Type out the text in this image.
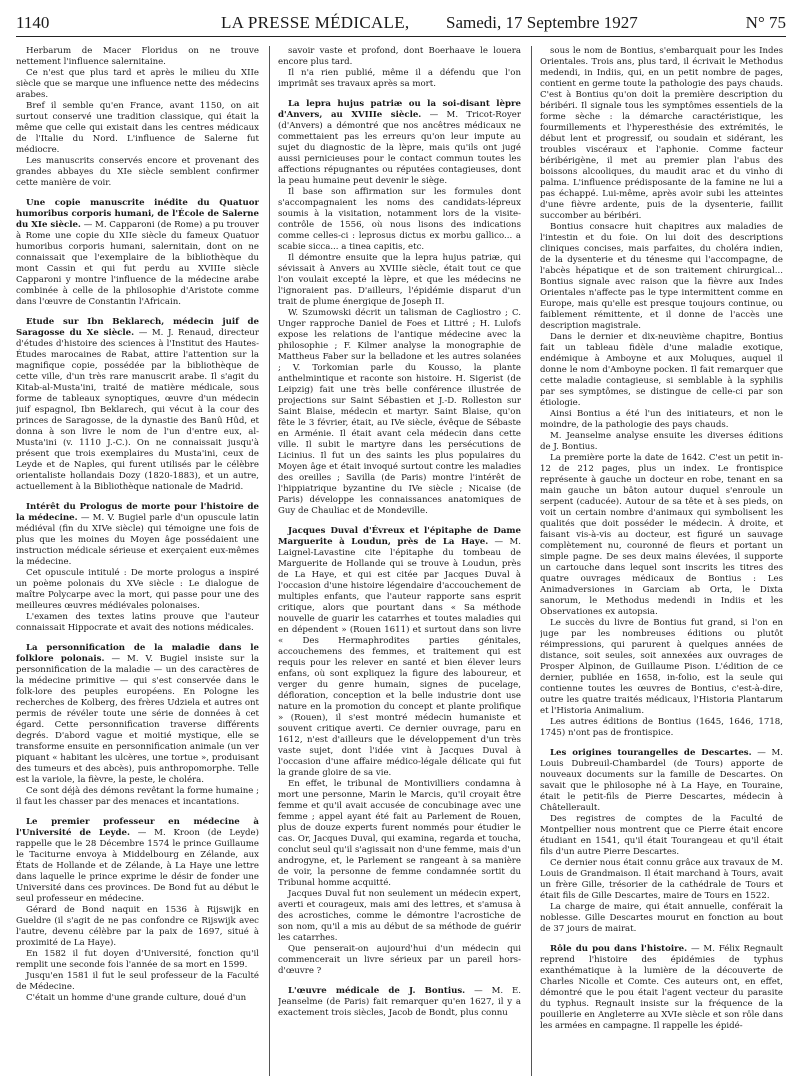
1140	LA PRESSE MÉDICALE, Samedi, 17 Septembre 1927	N° 75

Herbarum de Macer Floridus on ne trouve nettement l'influence salernitaine.

Ce n'est que plus tard et après le milieu du XIIe siècle que se marque une influence nette des médecins arabes.

Bref il semble qu'en France, avant 1150, on ait surtout conservé une tradition classique, qui était la même que celle qui existait dans les centres médicaux de l'Italie du Nord. L'influence de Salerne fut médiocre.

Les manuscrits conservés encore et provenant des grandes abbayes du XIe siècle semblent confirmer cette manière de voir.

Une copie manuscrite inédite du Quatuor humoribus corporis humani, de l'École de Salerne du XIe siècle. — M. Capparoni (de Rome) a pu trouver à Rome une copie du XIIe siècle du fameux Quatuor humoribus corporis humani, salernitain, dont on ne connaissait que l'exemplaire de la bibliothèque du mont Cassin et qui fut perdu au XVIIIe siècle Capparoni y montre l'influence de la médecine arabe combinée à celle de la philosophie d'Aristote comme dans l'œuvre de Constantin l'Africain.

Etude sur Ibn Beklarech, médecin juif de Saragosse du Xe siècle. — M. J. Renaud, directeur d'études d'histoire des sciences à l'Institut des Hautes-Études marocaines de Rabat, attire l'attention sur la magnifique copie, possédée par la bibliothèque de cette ville, d'un très rare manuscrit arabe. Il s'agit du Kitab-al-Musta'ini, traité de matière médicale, sous forme de tableaux synoptiques, œuvre d'un médecin juif espagnol, Ibn Beklarech, qui vécut à la cour des princes de Saragosse, de la dynastie des Banû Hûd, et donna à son livre le nom de l'un d'entre eux, al-Musta'ini (v. 1110 J.-C.). On ne connaissait jusqu'à présent que trois exemplaires du Musta'ini, ceux de Leyde et de Naples, qui furent utilisés par le célèbre orientaliste hollandais Dozy (1820-1883), et un autre, actuellement à la Bibliothèque nationale de Madrid.

Intérêt du Prologus de morte pour l'histoire de la médecine. — M. V. Bugiel parle d'un opuscule latin médiéval (fin du XIVe siècle) qui témoigne une fois de plus que les moines du Moyen âge possédaient une instruction médicale sérieuse et exerçaient eux-mêmes la médecine.

Cet opuscule intitulé : De morte prologus a inspiré un poème polonais du XVe siècle : Le dialogue de maître Polycarpe avec la mort, qui passe pour une des meilleures œuvres médiévales polonaises.

L'examen des textes latins prouve que l'auteur connaissait Hippocrate et avait des notions médicales.

La personnification de la maladie dans le folklore polonais. — M. V. Bugiel insiste sur la personnification de la maladie — un des caractères de la médecine primitive — qui s'est conservée dans le folk-lore des peuples européens. En Pologne les recherches de Kolberg, des frères Udziela et autres ont permis de révéler toute une série de données à cet égard. Cette personnification traverse différents degrés. D'abord vague et moitié mystique, elle se transforme ensuite en personnification animale (un ver piquant « habitant les ulcères, une tortue », produisant des tumeurs et des abcès), puis anthropomorphe. Telle est la variole, la fièvre, la peste, le choléra.

Ce sont déjà des démons revêtant la forme humaine ; il faut les chasser par des menaces et incantations.

Le premier professeur en médecine à l'Université de Leyde. — M. Kroon (de Leyde) rappelle que le 28 Décembre 1574 le prince Guillaume le Taciturne envoya à Middelbourg en Zélande, aux États de Hollande et de Zélande, à La Haye une lettre dans laquelle le prince exprime le désir de fonder une Université dans ces provinces. De Bond fut au début le seul professeur en médecine.

Gérard de Bond naquit en 1536 à Rijswijk en Gueldre (il s'agit de ne pas confondre ce Rijswijk avec l'autre, devenu célèbre par la paix de 1697, situé à proximité de La Haye).

En 1582 il fut doyen d'Université, fonction qu'il remplit une seconde fois l'année de sa mort en 1599.

Jusqu'en 1581 il fut le seul professeur de la Faculté de Médecine.

C'était un homme d'une grande culture, doué d'un

savoir vaste et profond, dont Boerhaave le louera encore plus tard.

Il n'a rien publié, même il a défendu que l'on imprimât ses travaux après sa mort.

La lepra hujus patriæ ou la soi-disant lèpre d'Anvers, au XVIIIe siècle. — M. Tricot-Royer (d'Anvers) a démontré que nos ancêtres médicaux ne commettaient pas les erreurs qu'on leur impute au sujet du diagnostic de la lèpre, mais qu'ils ont jugé aussi pernicieuses pour le contact commun toutes les affections répugnantes ou réputées contagieuses, dont la peau humaine peut devenir le siège.

Il base son affirmation sur les formules dont s'accompagnaient les noms des candidats-lépreux soumis à la visitation, notamment lors de la visite-contrôle de 1556, où nous lisons des indications comme celles-ci : leprosus dictus ex morbu gallico... a scabie sicca... a tinea capitis, etc.

Il démontre ensuite que la lepra hujus patriæ, qui sévissait à Anvers au XVIIIe siècle, était tout ce que l'on voulait excepté la lèpre, et que les médecins ne l'ignoraient pas. D'ailleurs, l'épidémie disparut d'un trait de plume énergique de Joseph II.

W. Szumowski décrit un talisman de Cagliostro ; C. Unger rapproche Daniel de Foes et Littré ; H. Lulofs expose les relations de l'antique médecine avec la philosophie ; F. Kilmer analyse la monographie de Mattheus Faber sur la belladone et les autres solanées ; V. Torkomian parle du Kousso, la plante anthelmintique et raconte son histoire. H. Sigerist (de Leipzig) fait une très belle conférence illustrée de projections sur Saint Sébastien et J.-D. Rolleston sur Saint Blaise, médecin et martyr. Saint Blaise, qu'on fête le 3 février, était, au IVe siècle, évêque de Sébaste en Arménie. Il était avant cela médecin dans cette ville. Il subit le martyre dans les persécutions de Licinius. Il fut un des saints les plus populaires du Moyen âge et était invoqué surtout contre les maladies des oreilles ; Savilla (de Paris) montre l'intérêt de l'hippiatrique byzantine du IVe siècle ; Nicaise (de Paris) développe les connaissances anatomiques de Guy de Chauliac et de Mondeville.

Jacques Duval d'Évreux et l'épitaphe de Dame Marguerite à Loudun, près de La Haye. — M. Laignel-Lavastine cite l'épitaphe du tombeau de Marguerite de Hollande qui se trouve à Loudun, près de La Haye, et qui est citée par Jacques Duval à l'occasion d'une histoire légendaire d'accouchement de multiples enfants, que l'auteur rapporte sans esprit critique, alors que pourtant dans « Sa méthode nouvelle de guarir les catarrhes et toutes maladies qui en dépendent » (Rouen 1611) et surtout dans son livre « Des Hermaphrodites parties génitales, accouchemens des femmes, et traitement qui est requis pour les relever en santé et bien élever leurs enfans, où sont expliquez la figure des laboureur, et verger du genre humain, signes de pucelage, défloration, conception et la belle industrie dont use nature en la promotion du concept et plante prolifique » (Rouen), il s'est montré médecin humaniste et souvent critique averti. Ce dernier ouvrage, paru en 1612, n'est d'ailleurs que le développement d'un très vaste sujet, dont l'idée vint à Jacques Duval à l'occasion d'une affaire médico-légale délicate qui fut la grande gloire de sa vie.

En effet, le tribunal de Montivilliers condamna à mort une personne, Marin le Marcis, qu'il croyait être femme et qu'il avait accusée de concubinage avec une femme ; appel ayant été fait au Parlement de Rouen, plus de douze experts furent nommés pour étudier le cas. Or, Jacques Duval, qui examina, regarda et toucha, conclut seul qu'il s'agissait non d'une femme, mais d'un androgyne, et, le Parlement se rangeant à sa manière de voir, la personne de femme condamnée sortit du Tribunal homme acquitté.

Jacques Duval fut non seulement un médecin expert, averti et courageux, mais ami des lettres, et s'amusa à des acrostiches, comme le démontre l'acrostiche de son nom, qu'il a mis au début de sa méthode de guérir les catarrhes.

Que penserait-on aujourd'hui d'un médecin qui commencerait un livre sérieux par un pareil hors-d'œuvre ?

L'œuvre médicale de J. Bontius. — M. E. Jeanselme (de Paris) fait remarquer qu'en 1627, il y a exactement trois siècles, Jacob de Bondt, plus connu

sous le nom de Bontius, s'embarquait pour les Indes Orientales. Trois ans, plus tard, il écrivait le Methodus medendi, in Indiis, qui, en un petit nombre de pages, contient en germe toute la pathologie des pays chauds. C'est à Bontius qu'on doit la première description du béribéri. Il signale tous les symptômes essentiels de la forme sèche : la démarche caractéristique, les fourmillements et l'hyperesthésie des extrémités, le début lent et progressif, ou soudain et sidérant, les troubles viscéraux et l'aphonie. Comme facteur béribérigène, il met au premier plan l'abus des boissons alcooliques, du maudit arac et du vinho di palma. L'influence prédisposante de la famine ne lui a pas échappé. Lui-même, après avoir subi les atteintes d'une fièvre ardente, puis de la dysenterie, faillit succomber au béribéri.

Bontius consacre huit chapitres aux maladies de l'intestin et du foie. On lui doit des descriptions cliniques concises, mais parfaites, du choléra indien, de la dysenterie et du ténesme qui l'accompagne, de l'abcès hépatique et de son traitement chirurgical... Bontius signale avec raison que la fièvre aux Indes Orientales n'affecte pas le type intermittent comme en Europe, mais qu'elle est presque toujours continue, ou faiblement rémittente, et il donne de l'accès une description magistrale.

Dans le dernier et dix-neuvième chapitre, Bontius fait un tableau fidèle d'une maladie exotique, endémique à Amboyne et aux Moluques, auquel il donne le nom d'Amboyne pocken. Il fait remarquer que cette maladie contagieuse, si semblable à la syphilis par ses symptômes, se distingue de celle-ci par son étiologie.

Ainsi Bontius a été l'un des initiateurs, et non le moindre, de la pathologie des pays chauds.

M. Jeanselme analyse ensuite les diverses éditions de J. Bontius.

La première porte la date de 1642. C'est un petit in-12 de 212 pages, plus un index. Le frontispice représente à gauche un docteur en robe, tenant en sa main gauche un bâton autour duquel s'enroule un serpent (caducée). Autour de sa tête et à ses pieds, on voit un certain nombre d'animaux qui symbolisent les qualités que doit posséder le médecin. À droite, et faisant vis-à-vis au docteur, est figuré un sauvage complètement nu, couronné de fleurs et portant un simple pagne. De ses deux mains élevées, il supporte un cartouche dans lequel sont inscrits les titres des quatre ouvrages médicaux de Bontius : Les Animadversiones in Garciam ab Orta, le Dixta sanorum, le Methodus medendi in Indiis et les Observationes ex autopsia.

Le succès du livre de Bontius fut grand, si l'on en juge par les nombreuses éditions ou plutôt réimpressions, qui parurent à quelques années de distance, soit seules, soit annexées aux ouvrages de Prosper Alpinon, de Guillaume Pison. L'édition de ce dernier, publiée en 1658, in-folio, est la seule qui contienne toutes les œuvres de Bontius, c'est-à-dire, outre les quatre traités médicaux, l'Historia Plantarum et l'Historia Animalium.

Les autres éditions de Bontius (1645, 1646, 1718, 1745) n'ont pas de frontispice.

Les origines tourangelles de Descartes. — M. Louis Dubreuil-Chambardel (de Tours) apporte de nouveaux documents sur la famille de Descartes. On savait que le philosophe né à La Haye, en Touraine, était le petit-fils de Pierre Descartes, médecin à Châtellerault.

Des registres de comptes de la Faculté de Montpellier nous montrent que ce Pierre était encore étudiant en 1541, qu'il était Tourangeau et qu'il était fils d'un autre Pierre Descartes.

Ce dernier nous était connu grâce aux travaux de M. Louis de Grandmaison. Il était marchand à Tours, avait un frère Gille, trésorier de la cathédrale de Tours et était fils de Gille Descartes, maire de Tours en 1522.

La charge de maire, qui était annuelle, conférait la noblesse. Gille Descartes mourut en fonction au bout de 37 jours de mairat.

Rôle du pou dans l'histoire. — M. Félix Regnault reprend l'histoire des épidémies de typhus exanthématique à la lumière de la découverte de Charles Nicolle et Comte. Ces auteurs ont, en effet, démontré que le pou était l'agent vecteur du parasite du typhus. Regnault insiste sur la fréquence de la pouillerie en Angleterre au XVIe siècle et son rôle dans les armées en campagne. Il rappelle les épidé-
